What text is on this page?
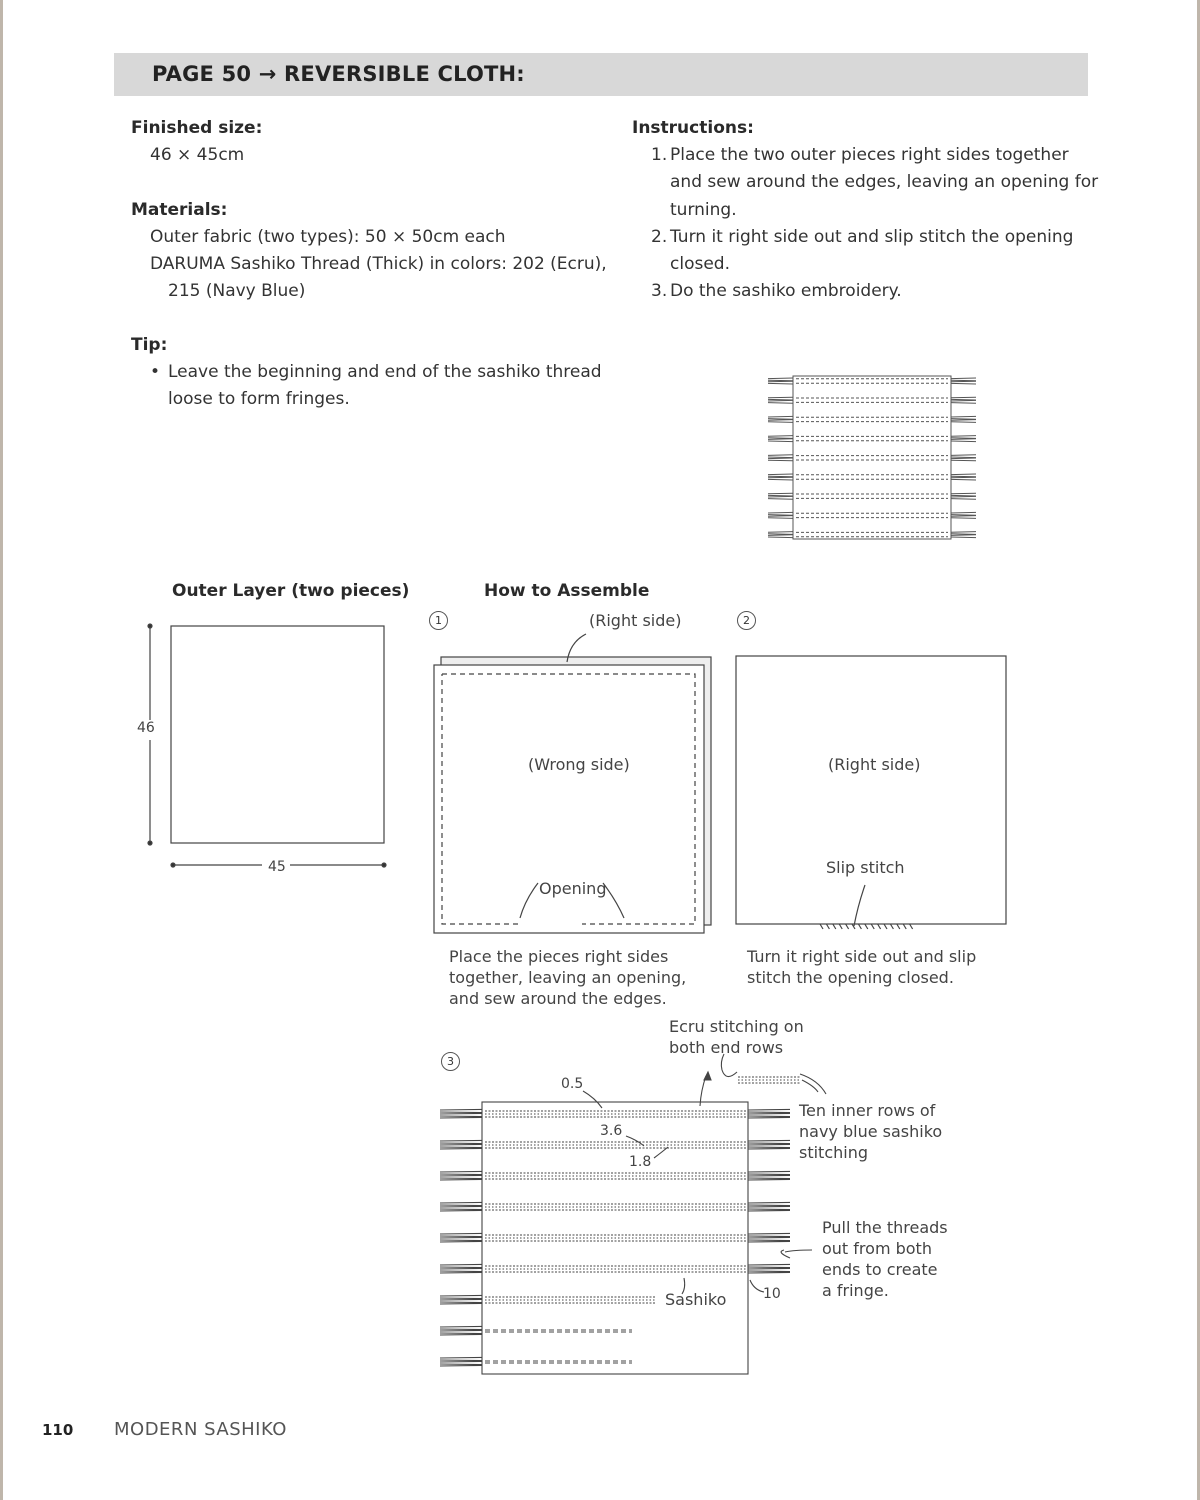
PAGE 50 → REVERSIBLE CLOTH:
Finished size:
46 × 45cm
Materials:
Outer fabric (two types): 50 × 50cm each
DARUMA Sashiko Thread (Thick) in colors: 202 (Ecru),
215 (Navy Blue)
Tip:
• Leave the beginning and end of the sashiko thread
loose to form fringes.
Instructions:
1. Place the two outer pieces right sides together
and sew around the edges, leaving an opening for
turning.
2. Turn it right side out and slip stitch the opening
closed.
3. Do the sashiko embroidery.
Outer Layer (two pieces)
46
45
How to Assemble
1	(Right side)
(Wrong side)
Opening
Place the pieces right sides
together, leaving an opening,
and sew around the edges.
2
(Right side)
Slip stitch
Turn it right side out and slip
stitch the opening closed.
3
Ecru stitching on
both end rows
Ten inner rows of
navy blue sashiko
stitching
Pull the threads
out from both
ends to create
a fringe.
0.5
3.6
1.8
Sashiko	10
110 MODERN SASHIKO
